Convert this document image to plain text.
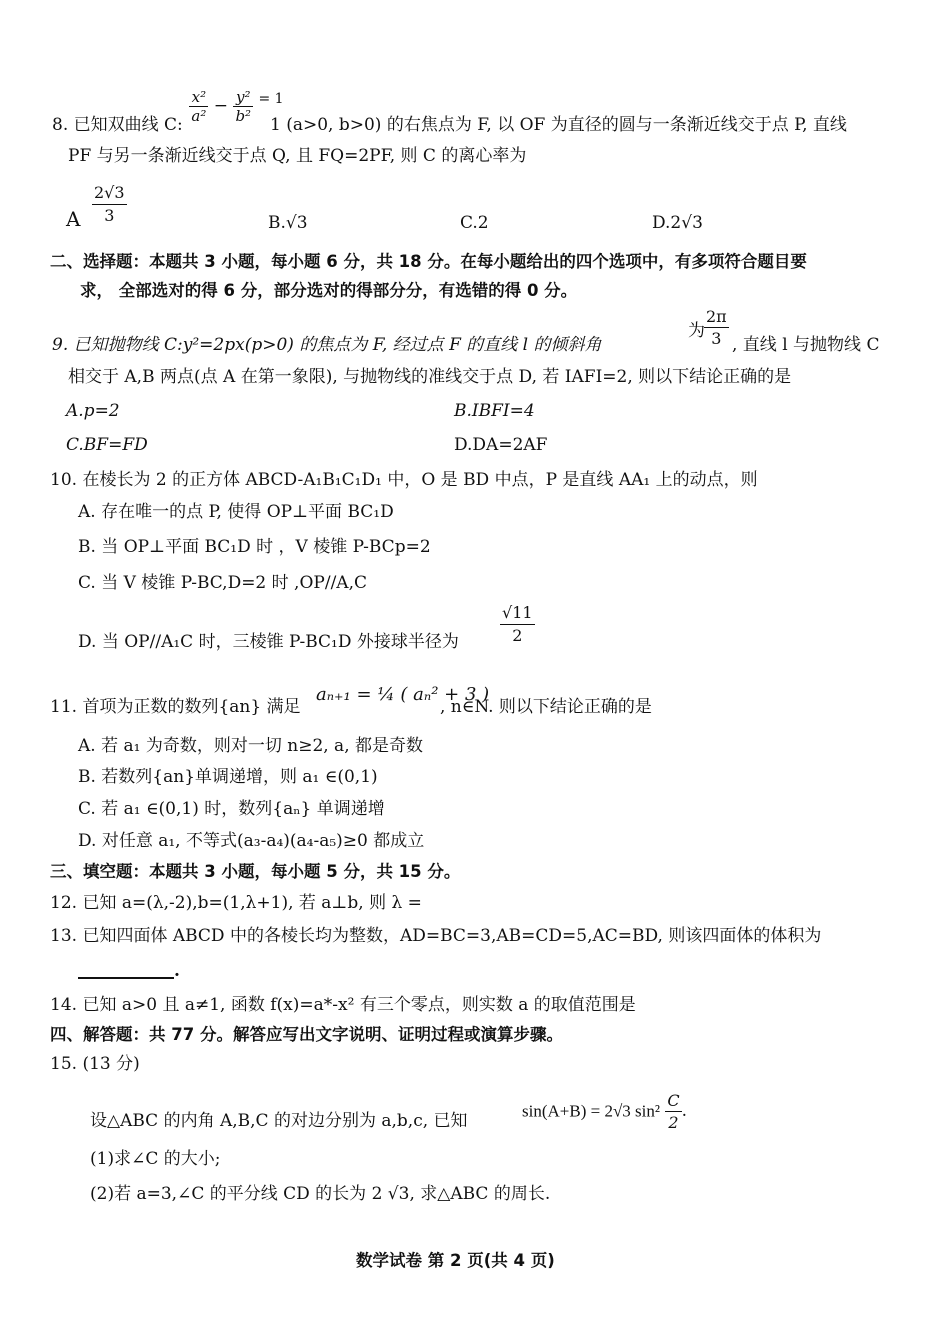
$\frac{\text{x²}}{\text{a²}} - \frac{\text{y²}}{\text{b²}} ^{= 1}$
8. 已知双曲线 C:	1 (a>0, b>0) 的右焦点为 F, 以 OF 为直径的圆与一条渐近线交于点 P, 直线
PF 与另一条渐近线交于点 Q, 且 FQ=2PF, 则 C 的离心率为
A $\frac{2√3}{3}$	B.√3	C.2	D.2√3
二、选择题：本题共 3 小题，每小题 6 分，共 18 分。在每小题给出的四个选项中，有多项符合题目要
求， 全部选对的得 6 分，部分选对的得部分分，有选错的得 0 分。
9. 已知抛物线 C:y²=2px(p>0) 的焦点为 F, 经过点 F 的直线 l 的倾斜角
为 $\frac{2\pi}{3}$ , 直线 l 与抛物线 C
相交于 A,B 两点(点 A 在第一象限), 与抛物线的准线交于点 D, 若 IAFI=2, 则以下结论正确的是
A.p=2	B.IBFI=4
C.BF=FD	D.DA=2AF
10. 在棱长为 2 的正方体 ABCD-A₁B₁C₁D₁ 中，O 是 BD 中点，P 是直线 AA₁ 上的动点，则
A. 存在唯一的点 P, 使得 OP⊥平面 BC₁D
B. 当 OP⊥平面 BC₁D 时 ，V 棱锥 P-BCp=2
C. 当 V 棱锥 P-BC,D=2 时 ,OP//A,C
D. 当 OP//A₁C 时，三棱锥 P-BC₁D 外接球半径为	$\frac{√11}{2}$
11. 首项为正数的数列{an} 满足
aₙ₊₁ = ¼ ( aₙ² + 3 )
, n∈N. 则以下结论正确的是
A. 若 a₁ 为奇数，则对一切 n≥2, a, 都是奇数
B. 若数列{an}单调递增，则 a₁ ∈(0,1)
C. 若 a₁ ∈(0,1) 时，数列{aₙ} 单调递增
D. 对任意 a₁, 不等式(a₃-a₄)(a₄-a₅)≥0 都成立
三、填空题：本题共 3 小题，每小题 5 分，共 15 分。
12. 已知 a=(λ,-2),b=(1,λ+1), 若 a⊥b, 则 λ =
13. 已知四面体 ABCD 中的各棱长均为整数，AD=BC=3,AB=CD=5,AC=BD, 则该四面体的体积为
.
14. 已知 a>0 且 a≠1, 函数 f(x)=a*-x² 有三个零点，则实数 a 的取值范围是
四、解答题：共 77 分。解答应写出文字说明、证明过程或演算步骤。
15. (13 分)
设△ABC 的内角 A,B,C 的对边分别为 a,b,c, 已知	sin(A+B) = 2√3 $\sin^2 \frac{C}{2}$ .
(1)求∠C 的大小;
(2)若 a=3,∠C 的平分线 CD 的长为 2 √3, 求△ABC 的周长.
数学试卷 第 2 页(共 4 页)
